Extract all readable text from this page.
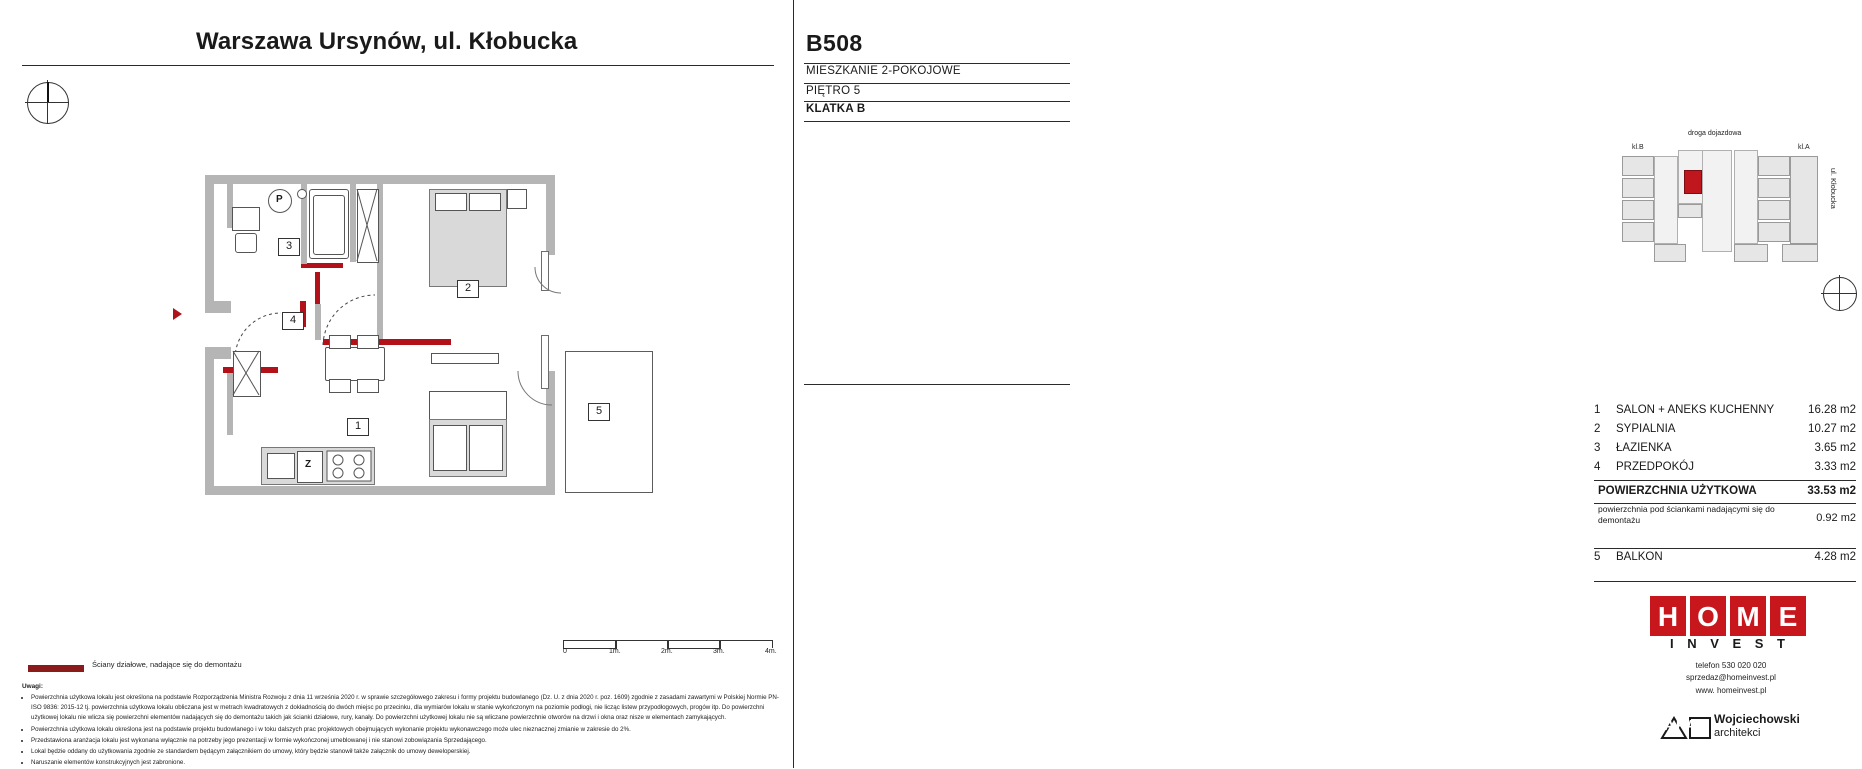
Warszawa Ursynów, ul. Kłobucka
P
Z
1
2
3
4
5
0	1m.	2m.	3m.	4m.
Ściany działowe, nadające się do demontażu
Uwagi:
• Powierzchnia użytkowa lokalu jest określona na podstawie Rozporządzenia Ministra Rozwoju z dnia 11 września 2020 r. w sprawie szczegółowego zakresu i formy projektu budowlanego (Dz. U. z dnia 2020 r. poz. 1609) zgodnie z zasadami zawartymi w Polskiej Normie PN-ISO 9836: 2015-12 tj. powierzchnia użytkowa lokalu obliczana jest w metrach kwadratowych z dokładnością do dwóch miejsc po przecinku, dla wymiarów lokalu w stanie wykończonym na poziomie podłogi, nie licząc listew przypodłogowych, progów itp. Do powierzchni użytkowej lokalu nie wlicza się powierzchni elementów nadających się do demontażu takich jak ścianki działowe, rury, kanały. Do powierzchni użytkowej lokalu nie są wliczane powierzchnie otworów na drzwi i okna oraz nisze w elementach zamykających.
• Powierzchnia użytkowa lokalu określona jest na podstawie projektu budowlanego i w toku dalszych prac projektowych obejmujących wykonanie projektu wykonawczego może ulec nieznacznej zmianie w zakresie do 2%.
• Przedstawiona aranżacja lokalu jest wykonana wyłącznie na potrzeby jego prezentacji w formie wykończonej umeblowanej i nie stanowi zobowiązania Sprzedającego.
• Lokal będzie oddany do użytkowania zgodnie ze standardem będącym załącznikiem do umowy, który będzie stanowił także załącznik do umowy deweloperskiej.
• Naruszanie elementów konstrukcyjnych jest zabronione.
B508
MIESZKANIE 2-POKOJOWE
PIĘTRO 5
KLATKA B
droga dojazdowa
kl.B	kl.A
ul. Kłobucka
1	SALON + ANEKS KUCHENNY	16.28 m2
2	SYPIALNIA	10.27 m2
3	ŁAZIENKA	3.65 m2
4	PRZEDPOKÓJ	3.33 m2
POWIERZCHNIA UŻYTKOWA	33.53 m2
powierzchnia pod ściankami nadającymi się do demontażu	0.92 m2
5	BALKON	4.28 m2
H O M E
I N V E S T
telefon 530 020 020
sprzedaz@homeinvest.pl
www. homeinvest.pl
APA Wojciechowski
architekci
